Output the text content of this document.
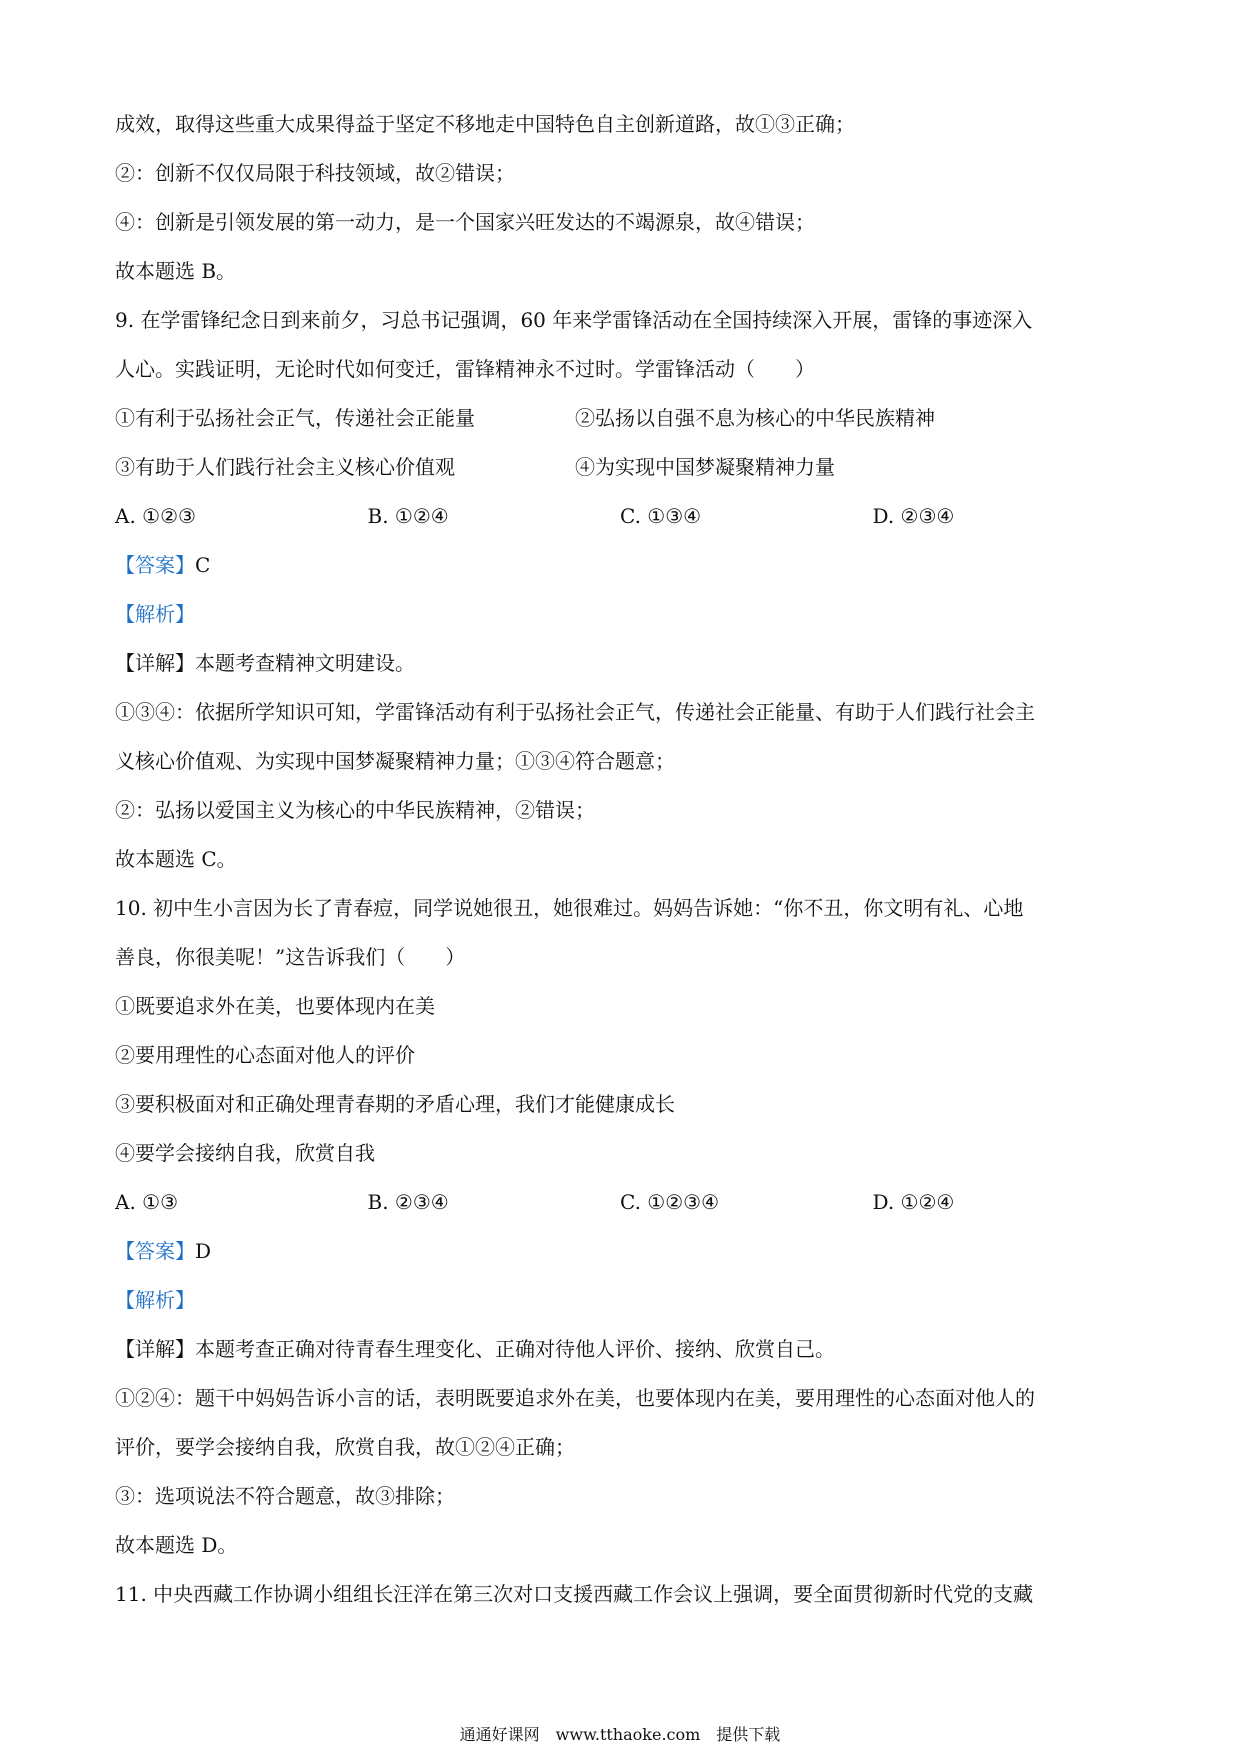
成效，取得这些重大成果得益于坚定不移地走中国特色自主创新道路，故①③正确；
②：创新不仅仅局限于科技领域，故②错误；
④：创新是引领发展的第一动力，是一个国家兴旺发达的不竭源泉，故④错误；
故本题选 B。
9. 在学雷锋纪念日到来前夕，习总书记强调，60 年来学雷锋活动在全国持续深入开展，雷锋的事迹深入
人心。实践证明，无论时代如何变迁，雷锋精神永不过时。学雷锋活动（　　）
①有利于弘扬社会正气，传递社会正能量	②弘扬以自强不息为核心的中华民族精神
③有助于人们践行社会主义核心价值观	④为实现中国梦凝聚精神力量
A. ①②③	B. ①②④	C. ①③④	D. ②③④
【答案】C
【解析】
【详解】本题考查精神文明建设。
①③④：依据所学知识可知，学雷锋活动有利于弘扬社会正气，传递社会正能量、有助于人们践行社会主
义核心价值观、为实现中国梦凝聚精神力量；①③④符合题意；
②：弘扬以爱国主义为核心的中华民族精神，②错误；
故本题选 C。
10. 初中生小言因为长了青春痘，同学说她很丑，她很难过。妈妈告诉她：“你不丑，你文明有礼、心地
善良，你很美呢！”这告诉我们（　　）
①既要追求外在美，也要体现内在美
②要用理性的心态面对他人的评价
③要积极面对和正确处理青春期的矛盾心理，我们才能健康成长
④要学会接纳自我，欣赏自我
A. ①③	B. ②③④	C. ①②③④	D. ①②④
【答案】D
【解析】
【详解】本题考查正确对待青春生理变化、正确对待他人评价、接纳、欣赏自己。
①②④：题干中妈妈告诉小言的话，表明既要追求外在美，也要体现内在美，要用理性的心态面对他人的
评价，要学会接纳自我，欣赏自我，故①②④正确；
③：选项说法不符合题意，故③排除；
故本题选 D。
11. 中央西藏工作协调小组组长汪洋在第三次对口支援西藏工作会议上强调，要全面贯彻新时代党的支藏
通通好课网　www.tthaoke.com　提供下载
